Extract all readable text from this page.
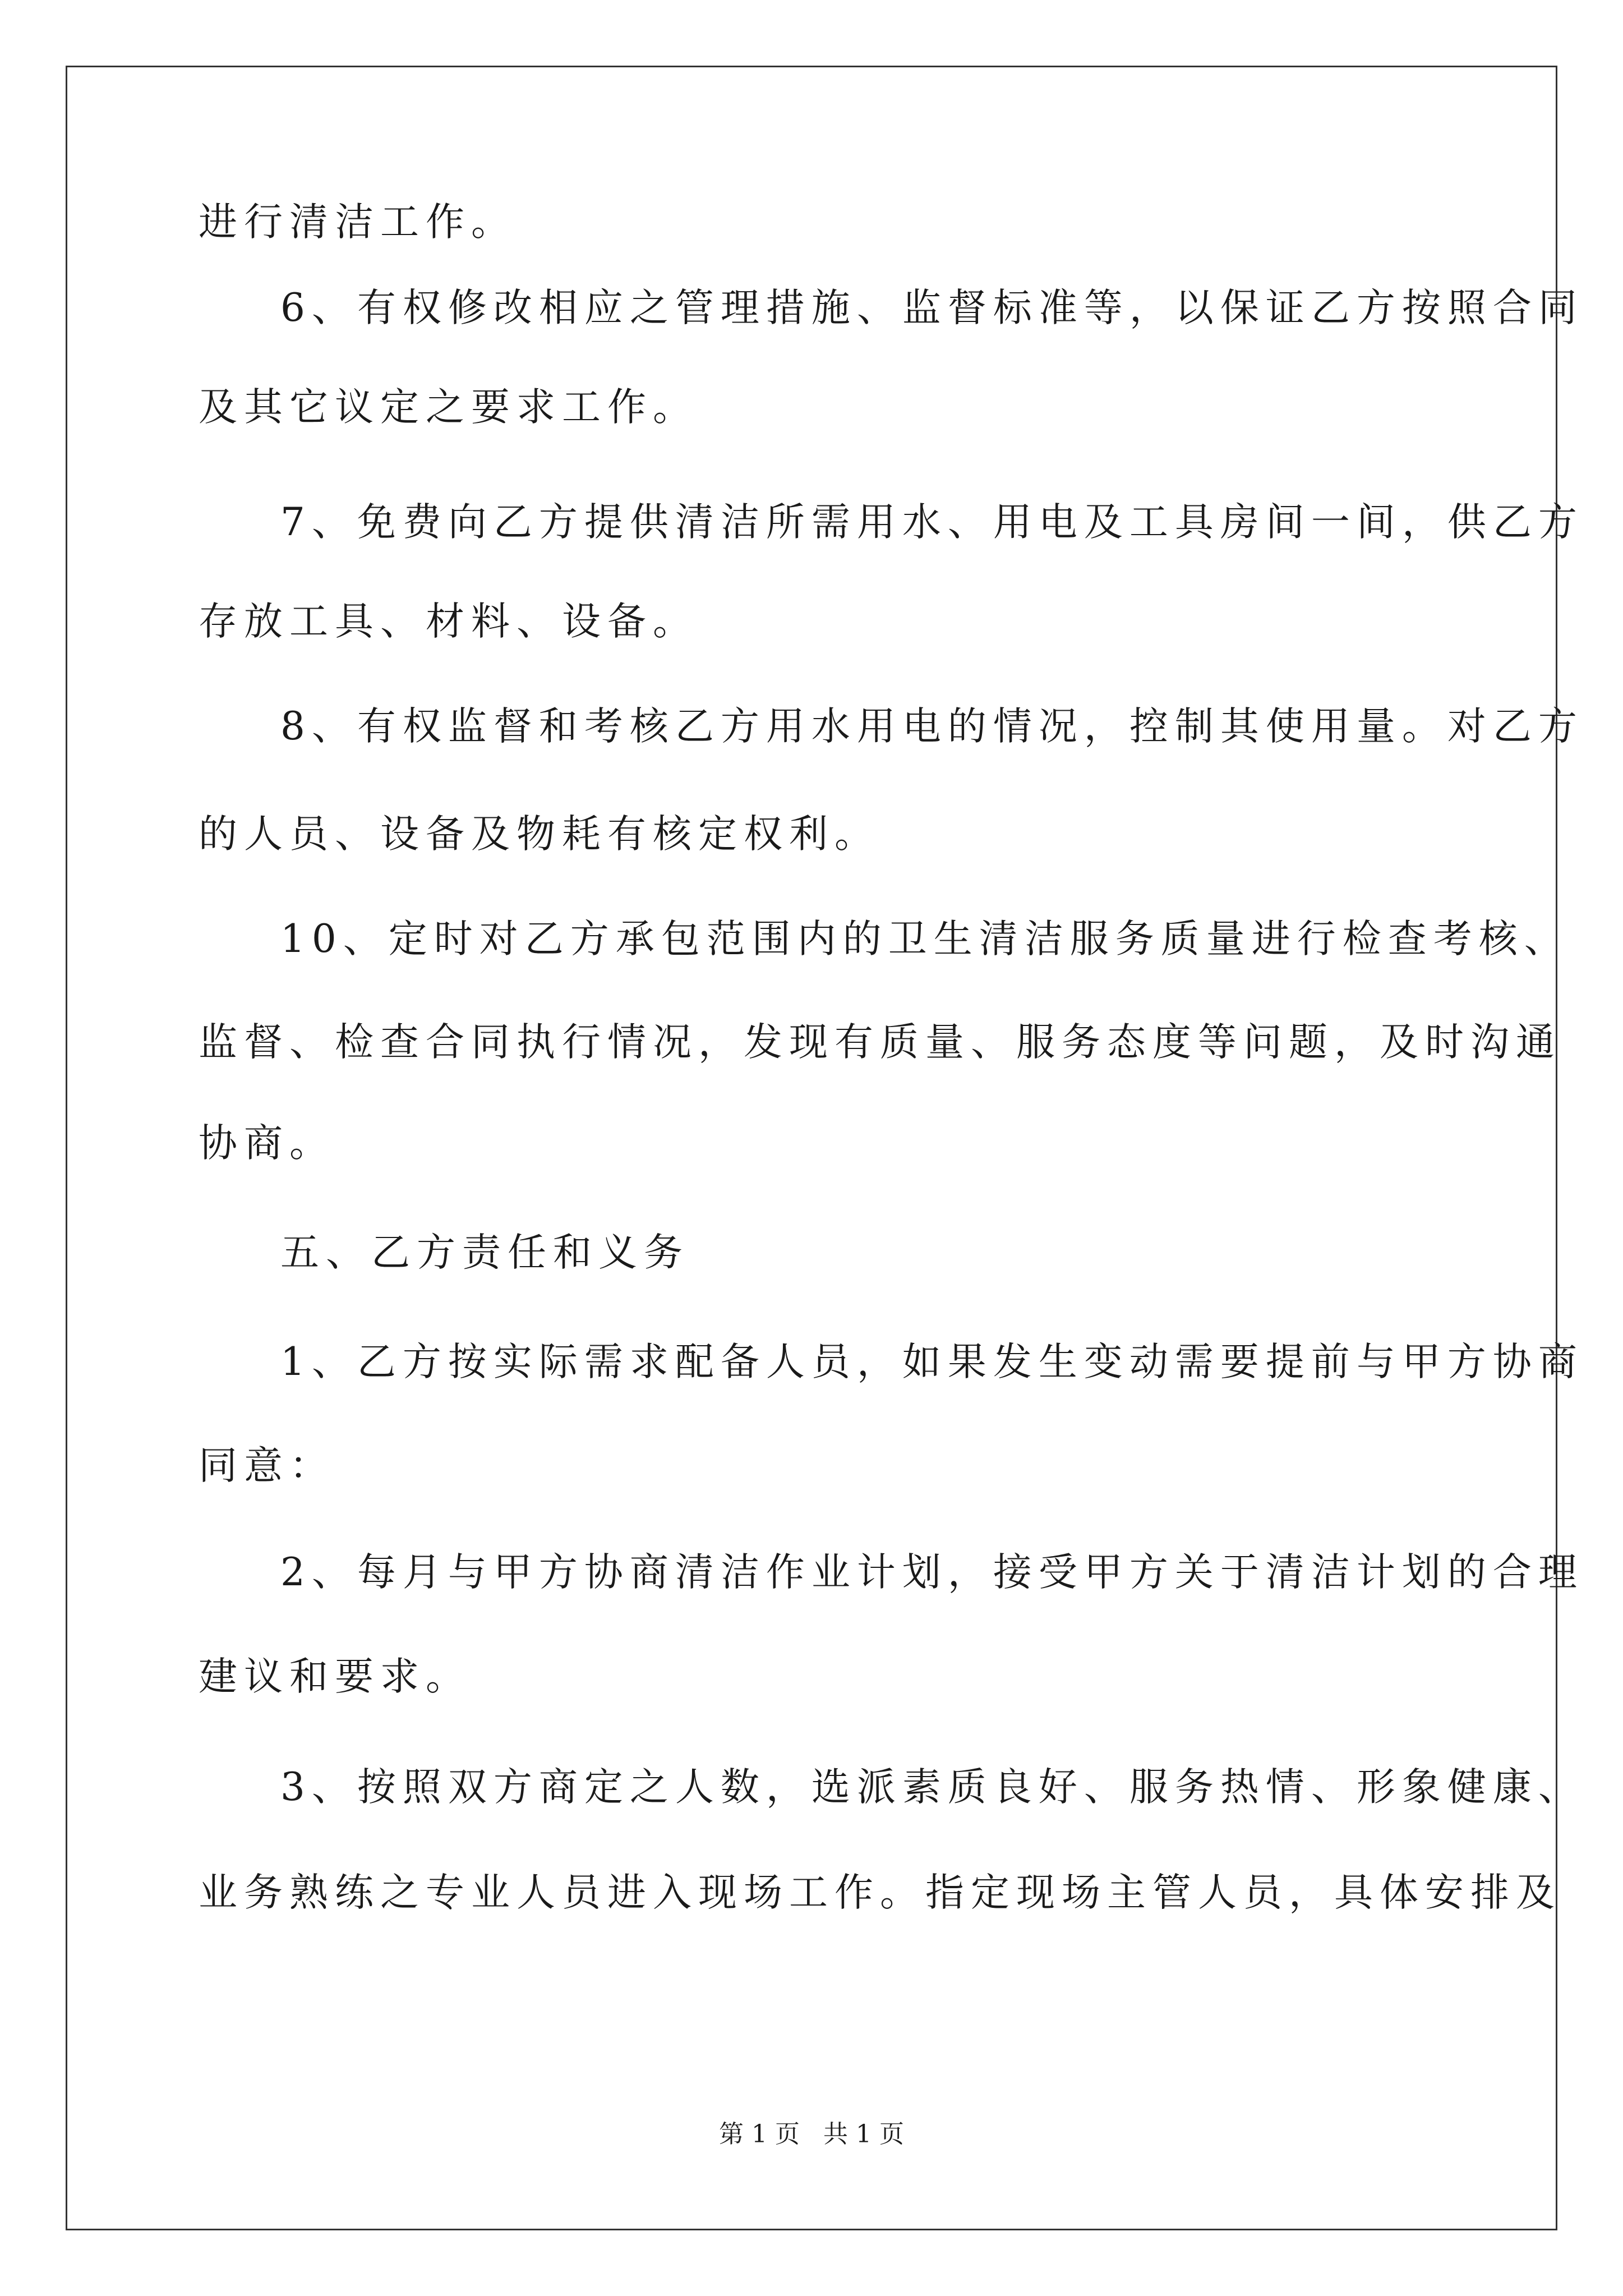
进行清洁工作。
6、有权修改相应之管理措施、监督标准等，以保证乙方按照合同
及其它议定之要求工作。
7、免费向乙方提供清洁所需用水、用电及工具房间一间，供乙方
存放工具、材料、设备。
8、有权监督和考核乙方用水用电的情况，控制其使用量。对乙方
的人员、设备及物耗有核定权利。
10、定时对乙方承包范围内的卫生清洁服务质量进行检查考核、
监督、检查合同执行情况，发现有质量、服务态度等问题，及时沟通
协商。
五、乙方责任和义务
1、乙方按实际需求配备人员，如果发生变动需要提前与甲方协商
同意：
2、每月与甲方协商清洁作业计划，接受甲方关于清洁计划的合理
建议和要求。
3、按照双方商定之人数，选派素质良好、服务热情、形象健康、
业务熟练之专业人员进入现场工作。指定现场主管人员，具体安排及
第 1 页   共 1 页
